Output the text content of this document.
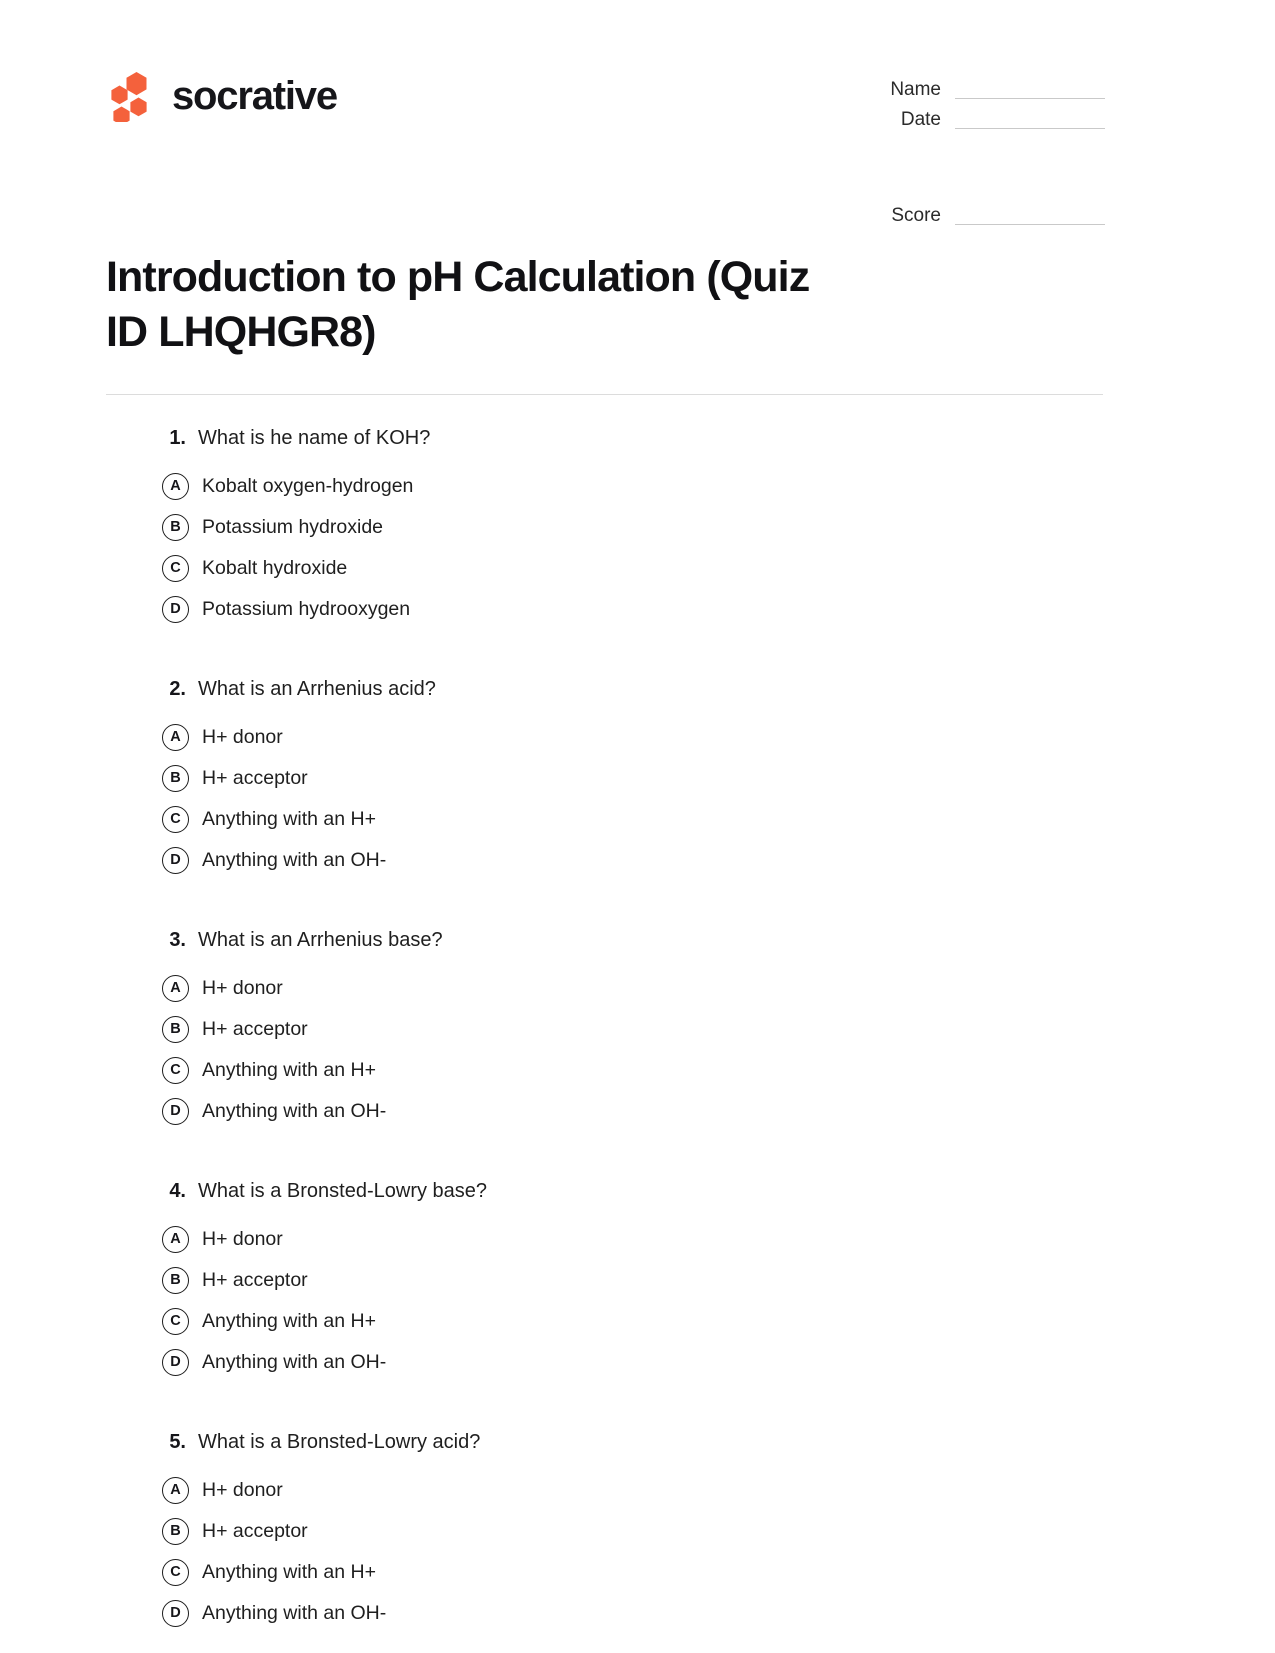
socrative	Name
Date
Score
Introduction to pH Calculation (Quiz ID LHQHGR8)
1. What is he name of KOH?
A	Kobalt oxygen-hydrogen
B	Potassium hydroxide
C	Kobalt hydroxide
D	Potassium hydrooxygen
2. What is an Arrhenius acid?
A	H+ donor
B	H+ acceptor
C	Anything with an H+
D	Anything with an OH-
3. What is an Arrhenius base?
A	H+ donor
B	H+ acceptor
C	Anything with an H+
D	Anything with an OH-
4. What is a Bronsted-Lowry base?
A	H+ donor
B	H+ acceptor
C	Anything with an H+
D	Anything with an OH-
5. What is a Bronsted-Lowry acid?
A	H+ donor
B	H+ acceptor
C	Anything with an H+
D	Anything with an OH-
